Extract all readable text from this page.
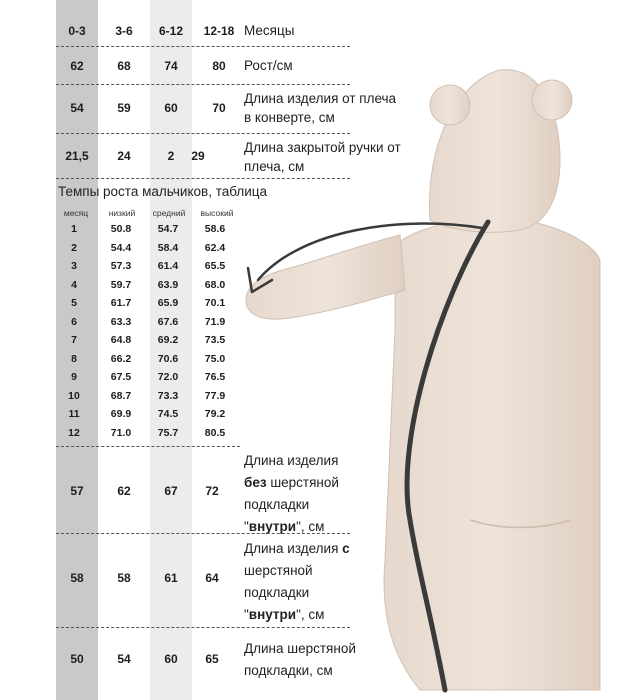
0-3	3-6	6-12	12-18 Месяцы
62	68	74	80	Рост/см
54	59	60	70
Длина изделия от плеча в конверте, см
21,5	24	2	29
Длина закрытой ручки от плеча, см
Темпы роста мальчиков, таблица
месяц	низкий	средний	высокий
1	50.8	54.7	58.6
2	54.4	58.4	62.4
3	57.3	61.4	65.5
4	59.7	63.9	68.0
5	61.7	65.9	70.1
6	63.3	67.6	71.9
7	64.8	69.2	73.5
8	66.2	70.6	75.0
9	67.5	72.0	76.5
10	68.7	73.3	77.9
11	69.9	74.5	79.2
12	71.0	75.7	80.5
57	62	67	72
Длина изделия
без шерстяной
подкладки
"внутри", см
58	58	61	64
Длина изделия с
шерстяной
подкладки
"внутри", см
50	54	60	65
Длина шерстяной
подкладки, см
